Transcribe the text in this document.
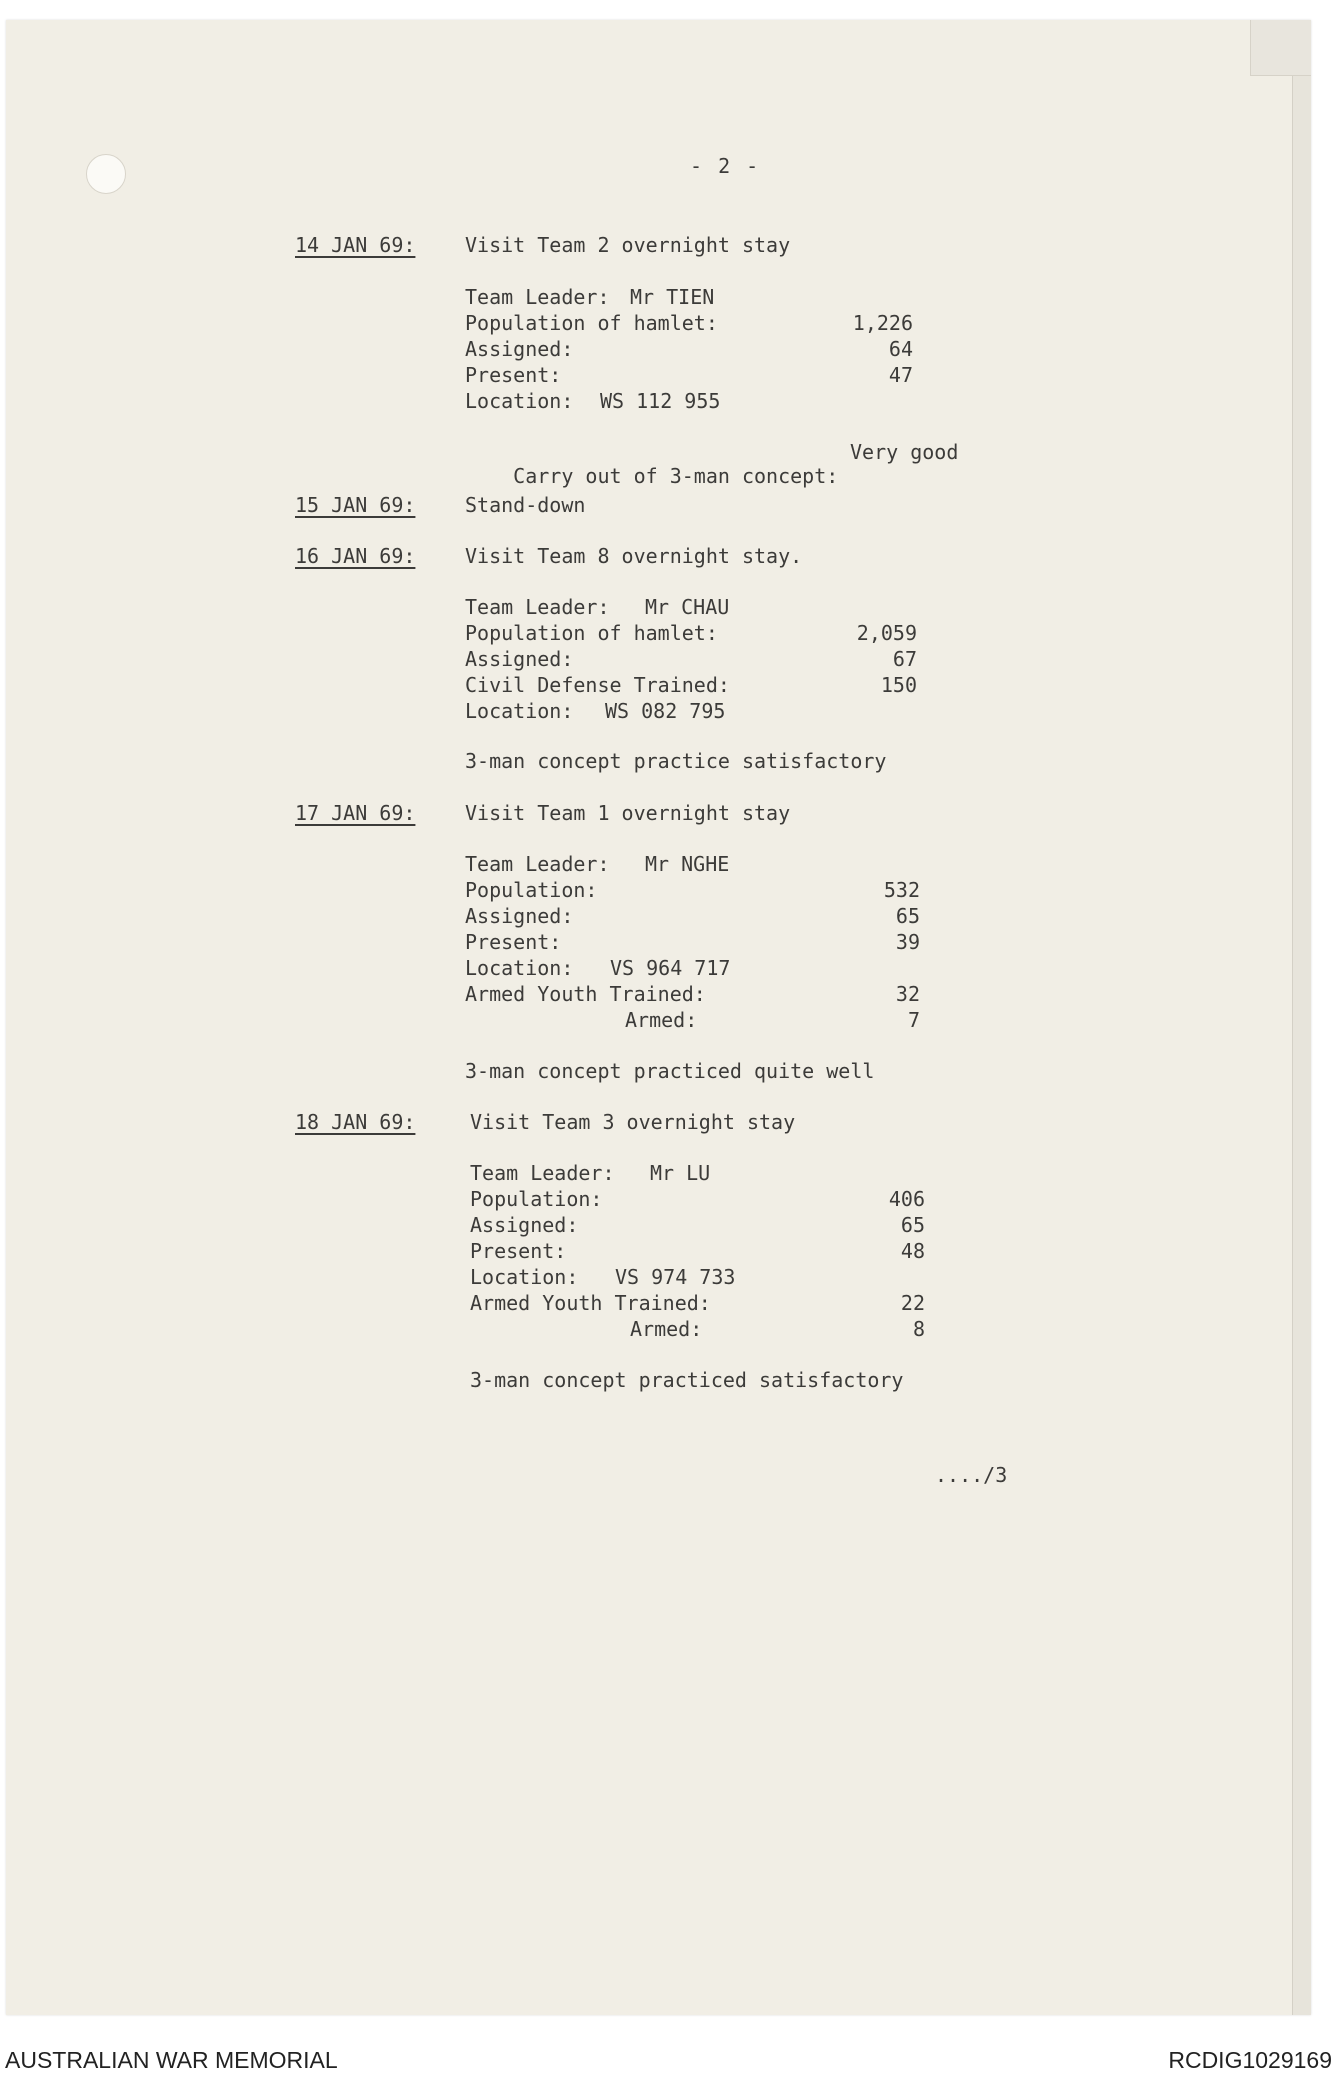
- 2 -
14 JAN 69: Visit Team 2 overnight stay
Team Leader: Mr TIEN
Population of hamlet:	1,226
Assigned:	64
Present:	47
Location: WS 112 955

Carry out of 3-man concept:

Very good
15 JAN 69: Stand-down
16 JAN 69: Visit Team 8 overnight stay.
Team Leader: Mr CHAU
Population of hamlet:	2,059
Assigned:	67
Civil Defense Trained:	150
Location: WS 082 795
3-man concept practice satisfactory
17 JAN 69: Visit Team 1 overnight stay
Team Leader: Mr NGHE
Population:	532
Assigned:	65
Present:	39
Location: VS 964 717
Armed Youth Trained:	32
Armed:	7
3-man concept practiced quite well
18 JAN 69:	Visit Team 3 overnight stay
Team Leader: Mr LU
Population:	406
Assigned:	65
Present:	48
Location: VS 974 733
Armed Youth Trained:	22
Armed:	8
3-man concept practiced satisfactory
..../3
AUSTRALIAN WAR MEMORIAL	RCDIG1029169
